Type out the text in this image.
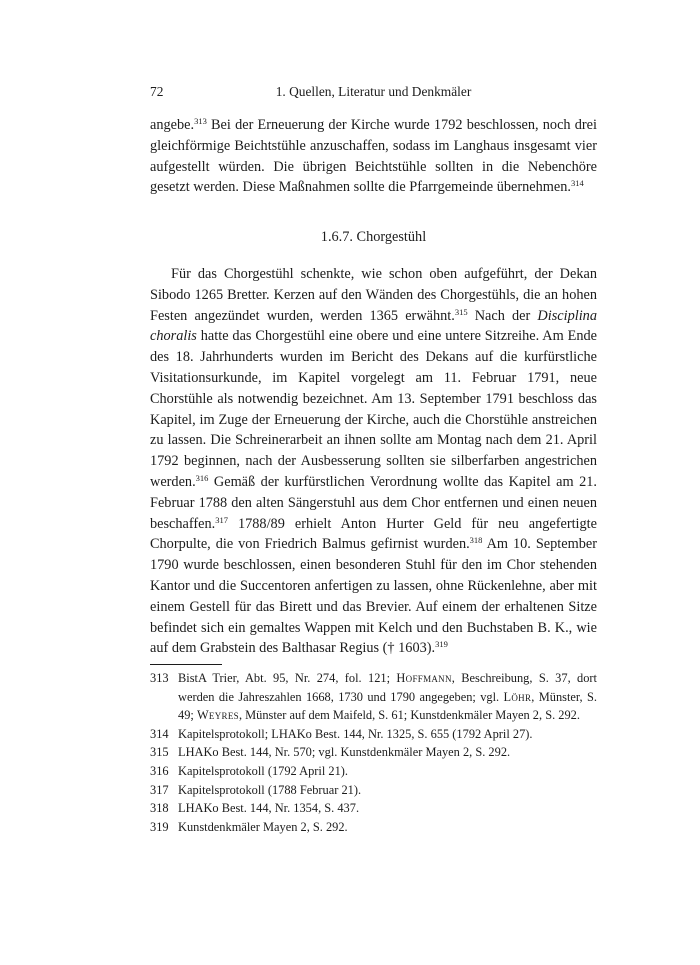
72	1. Quellen, Literatur und Denkmäler

angebe.$^{313}$ Bei der Erneuerung der Kirche wurde 1792 beschlossen, noch drei gleichförmige Beichtstühle anzuschaffen, sodass im Langhaus insgesamt vier aufgestellt würden. Die übrigen Beichtstühle sollten in die Nebenchöre gesetzt werden. Diese Maßnahmen sollte die Pfarrgemeinde übernehmen.$^{314}$

1.6.7. Chorgestühl

Für das Chorgestühl schenkte, wie schon oben aufgeführt, der Dekan Sibodo 1265 Bretter. Kerzen auf den Wänden des Chorgestühls, die an hohen Festen angezündet wurden, werden 1365 erwähnt.$^{315}$ Nach der Disciplina choralis hatte das Chorgestühl eine obere und eine untere Sitzreihe. Am Ende des 18. Jahrhunderts wurden im Bericht des Dekans auf die kurfürstliche Visitationsurkunde, im Kapitel vorgelegt am 11. Februar 1791, neue Chorstühle als notwendig bezeichnet. Am 13. September 1791 beschloss das Kapitel, im Zuge der Erneuerung der Kirche, auch die Chorstühle anstreichen zu lassen. Die Schreinerarbeit an ihnen sollte am Montag nach dem 21. April 1792 beginnen, nach der Ausbesserung sollten sie silberfarben angestrichen werden.$^{316}$ Gemäß der kurfürstlichen Verordnung wollte das Kapitel am 21. Februar 1788 den alten Sängerstuhl aus dem Chor entfernen und einen neuen beschaffen.$^{317}$ 1788/89 erhielt Anton Hurter Geld für neu angefertigte Chorpulte, die von Friedrich Balmus gefirnist wurden.$^{318}$ Am 10. September 1790 wurde beschlossen, einen besonderen Stuhl für den im Chor stehenden Kantor und die Succentoren anfertigen zu lassen, ohne Rückenlehne, aber mit einem Gestell für das Birett und das Brevier. Auf einem der erhaltenen Sitze befindet sich ein gemaltes Wappen mit Kelch und den Buchstaben B. K., wie auf dem Grabstein des Balthasar Regius († 1603).$^{319}$

313 BistA Trier, Abt. 95, Nr. 274, fol. 121; Hoffmann, Beschreibung, S. 37, dort werden die Jahreszahlen 1668, 1730 und 1790 angegeben; vgl. Löhr, Münster, S. 49; Weyres, Münster auf dem Maifeld, S. 61; Kunstdenkmäler Mayen 2, S. 292.
314 Kapitelsprotokoll; LHAKo Best. 144, Nr. 1325, S. 655 (1792 April 27).
315 LHAKo Best. 144, Nr. 570; vgl. Kunstdenkmäler Mayen 2, S. 292.
316 Kapitelsprotokoll (1792 April 21).
317 Kapitelsprotokoll (1788 Februar 21).
318 LHAKo Best. 144, Nr. 1354, S. 437.
319 Kunstdenkmäler Mayen 2, S. 292.
